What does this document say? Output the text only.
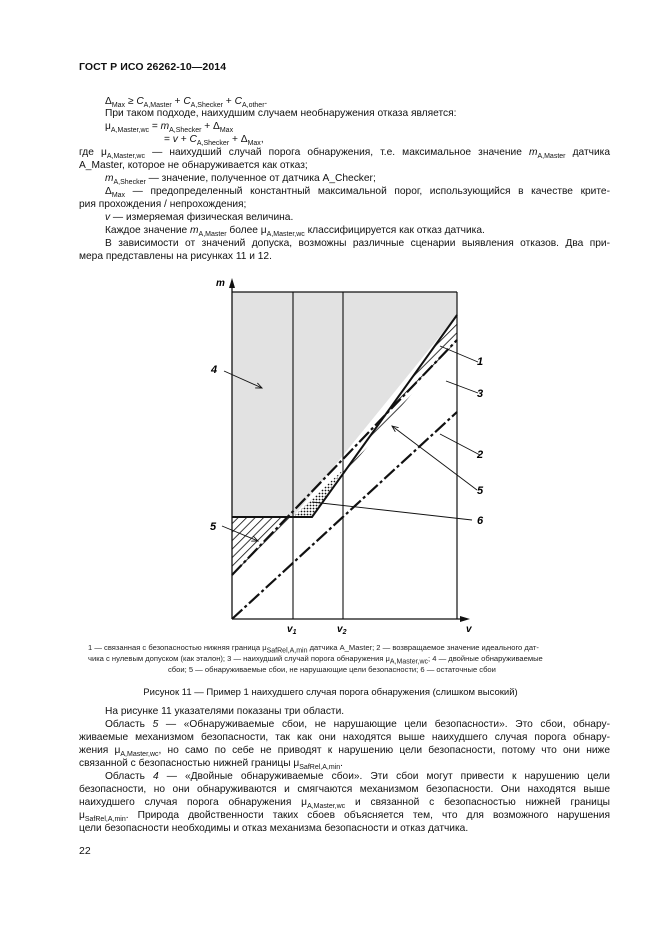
ГОСТ Р ИСО 26262-10—2014
$\Delta_{Max} \ge C_{A,Master} + C_{A,Shecker} + C_{A,other}$.
При таком подходе, наихудшим случаем необнаружения отказа является:
$\mu_{A,Master,wc} = m_{A,Shecker} + \Delta_{Max}$
= $v + C_{A,Shecker} + \Delta_{Max}$,
где $\mu_{A,Master,wc}$ — наихудший случай порога обнаружения, т.е. максимальное значение $m_{A,Master}$ датчика
A_Master, которое не обнаруживается как отказ;
$m_{A,Shecker}$ — значение, полученное от датчика A_Checker;
$\Delta_{Max}$ — предопределенный константный максимальной порог, использующийся в качестве крите-
рия прохождения / непрохождения;
v — измеряемая физическая величина.
Каждое значение $m_{A,Master}$ более $\mu_{A,Master,wc}$ классифицируется как отказ датчика.
В зависимости от значений допуска, возможны различные сценарии выявления отказов. Два при-
мера представлены на рисунках 11 и 12.
m
v
$v_1$	$v_2$
4
1
3
2
5
5	6
1 — связанная с безопасностью нижняя граница $\mu_{SafRel,A,min}$ датчика A_Master; 2 — возвращаемое значение идеального дат-
чика с нулевым допуском (как эталон); 3 — наихудший случай порога обнаружения $\mu_{A,Master,wc}$; 4 — двойные обнаруживаемые
сбои; 5 — обнаруживаемые сбои, не нарушающие цели безопасности; 6 — остаточные сбои
Рисунок 11 — Пример 1 наихудшего случая порога обнаружения (слишком высокий)
На рисунке 11 указателями показаны три области.
Область 5 — «Обнаруживаемые сбои, не нарушающие цели безопасности». Это сбои, обнару-
живаемые механизмом безопасности, так как они находятся выше наихудшего случая порога обнару-
жения $\mu_{A,Master,wc}$, но само по себе не приводят к нарушению цели безопасности, потому что они ниже
связанной с безопасностью нижней границы $\mu_{SafRel,A,min}$.
Область 4 — «Двойные обнаруживаемые сбои». Эти сбои могут привести к нарушению цели
безопасности, но они обнаруживаются и смягчаются механизмом безопасности. Они находятся выше
наихудшего случая порога обнаружения $\mu_{A,Master,wc}$ и связанной с безопасностью нижней границы
$\mu_{SafRel,A,min}$. Природа двойственности таких сбоев объясняется тем, что для возможного нарушения
цели безопасности необходимы и отказ механизма безопасности и отказ датчика.
22
